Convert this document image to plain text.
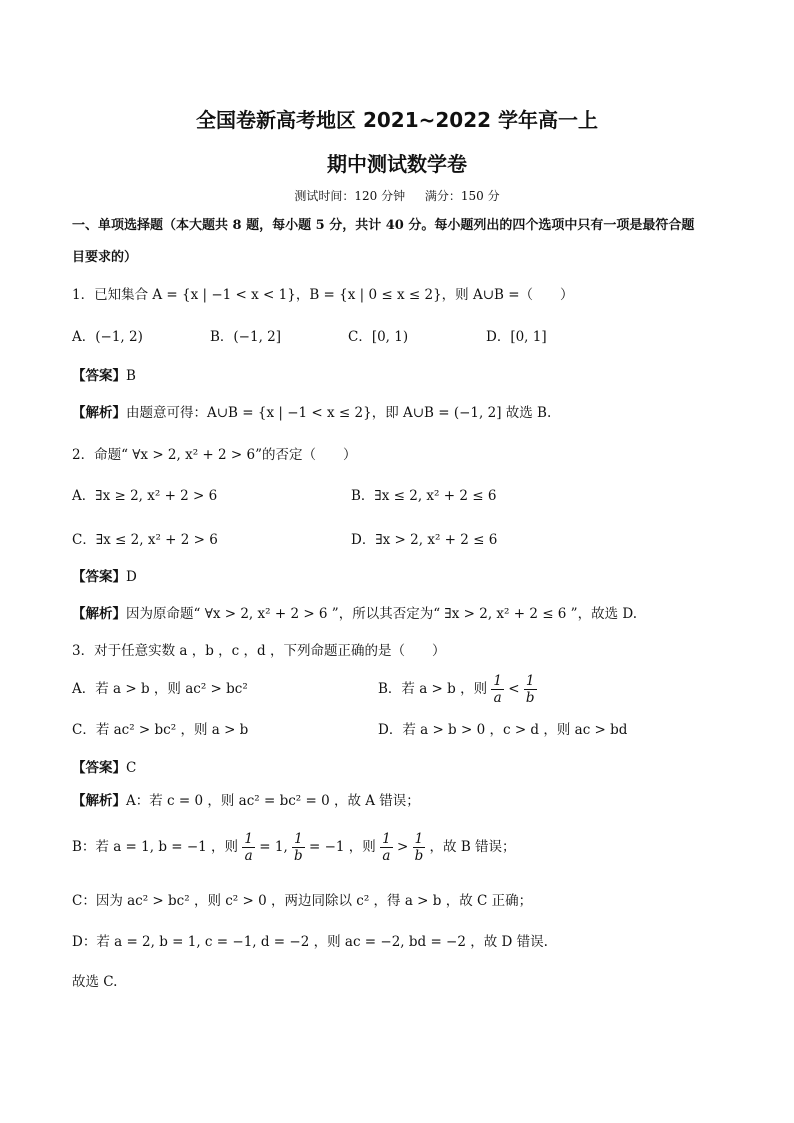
全国卷新高考地区 2021~2022 学年高一上
期中测试数学卷
测试时间：120 分钟 满分：150 分
一、单项选择题（本大题共 8 题，每小题 5 分，共计 40 分。每小题列出的四个选项中只有一项是最符合题
目要求的）
1．已知集合 A = {x | −1 < x < 1}，B = {x | 0 ≤ x ≤ 2}，则 A∪B =（　　）
A．(−1, 2)	B．(−1, 2]	C．[0, 1)	D．[0, 1]
【答案】B
【解析】由题意可得：A∪B = {x | −1 < x ≤ 2}，即 A∪B = (−1, 2] 故选 B.
2．命题“ ∀x > 2, x² + 2 > 6”的否定（　　）
A．∃x ≥ 2, x² + 2 > 6	B．∃x ≤ 2, x² + 2 ≤ 6
C．∃x ≤ 2, x² + 2 > 6	D．∃x > 2, x² + 2 ≤ 6
【答案】D
【解析】因为原命题“ ∀x > 2, x² + 2 > 6 ”，所以其否定为“ ∃x > 2, x² + 2 ≤ 6 ”，故选 D.
3．对于任意实数 a ，b ，c ，d ，下列命题正确的是（　　）
A．若 a > b ，则 ac² > bc²	B．若 a > b ，则 $\frac{1}{a} < \frac{1}{b}$
C．若 ac² > bc² ，则 a > b	D．若 a > b > 0 ，c > d ，则 ac > bd
【答案】C
【解析】A：若 c = 0 ，则 ac² = bc² = 0 ，故 A 错误；
B：若 a = 1, b = −1 ，则 $\frac{1}{a} = 1$, $\frac{1}{b} = -1$ ，则 $\frac{1}{a} > \frac{1}{b}$ ，故 B 错误；
C：因为 ac² > bc² ，则 c² > 0 ，两边同除以 c² ，得 a > b ，故 C 正确；
D：若 a = 2, b = 1, c = −1, d = −2 ，则 ac = −2, bd = −2 ，故 D 错误.
故选 C.
